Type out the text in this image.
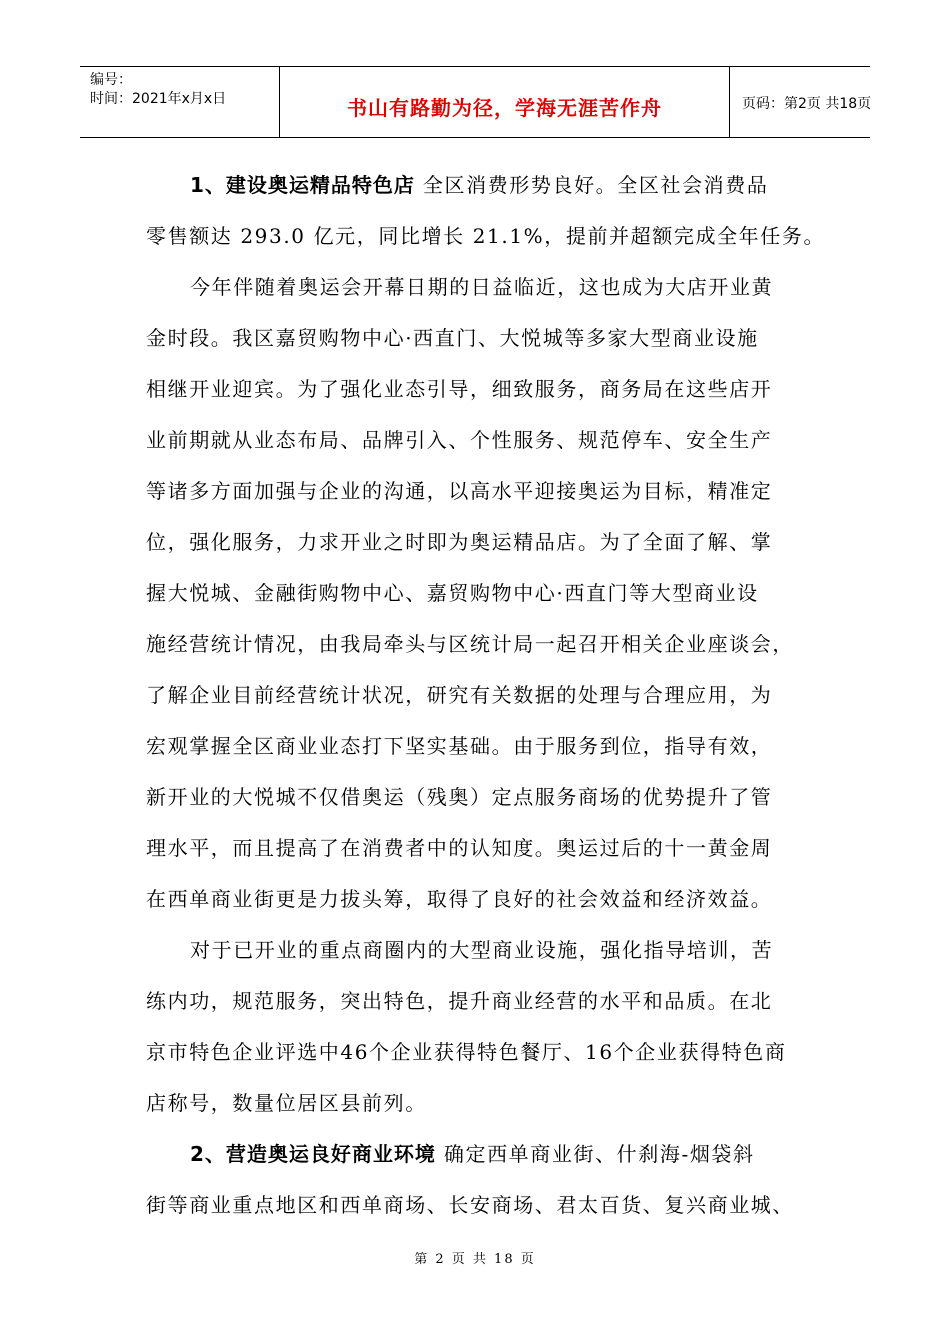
编号：
时间：2021年x月x日	书山有路勤为径，学海无涯苦作舟	页码：第2页 共18页
1、建设奥运精品特色店 全区消费形势良好。全区社会消费品
零售额达 293.0 亿元，同比增长 21.1%，提前并超额完成全年任务。
今年伴随着奥运会开幕日期的日益临近，这也成为大店开业黄
金时段。我区嘉贸购物中心·西直门、大悦城等多家大型商业设施
相继开业迎宾。为了强化业态引导，细致服务，商务局在这些店开
业前期就从业态布局、品牌引入、个性服务、规范停车、安全生产
等诸多方面加强与企业的沟通，以高水平迎接奥运为目标，精准定
位，强化服务，力求开业之时即为奥运精品店。为了全面了解、掌
握大悦城、金融街购物中心、嘉贸购物中心·西直门等大型商业设
施经营统计情况，由我局牵头与区统计局一起召开相关企业座谈会，
了解企业目前经营统计状况，研究有关数据的处理与合理应用，为
宏观掌握全区商业业态打下坚实基础。由于服务到位，指导有效，
新开业的大悦城不仅借奥运（残奥）定点服务商场的优势提升了管
理水平，而且提高了在消费者中的认知度。奥运过后的十一黄金周
在西单商业街更是力拔头筹，取得了良好的社会效益和经济效益。
对于已开业的重点商圈内的大型商业设施，强化指导培训，苦
练内功，规范服务，突出特色，提升商业经营的水平和品质。在北
京市特色企业评选中46个企业获得特色餐厅、16个企业获得特色商
店称号，数量位居区县前列。
2、营造奥运良好商业环境 确定西单商业街、什刹海-烟袋斜
街等商业重点地区和西单商场、长安商场、君太百货、复兴商业城、
第 2 页 共 18 页
